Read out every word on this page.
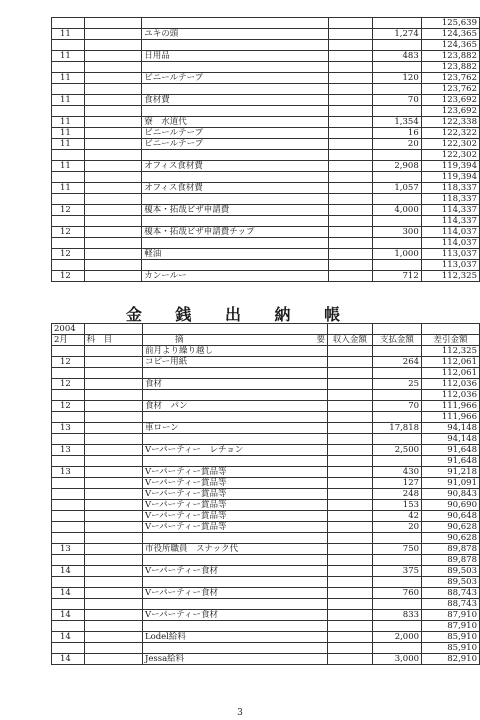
					125,639
11		ユキの頭		1,274	124,365
					124,365
11		日用品		483	123,882
					123,882
11		ビニールテープ		120	123,762
					123,762
11		食材費		70	123,692
					123,692
11		寮　水道代		1,354	122,338
11		ビニールテープ		16	122,322
11		ビニールテープ		20	122,302
					122,302
11		オフィス食材費		2,908	119,394
					119,394
11		オフィス食材費		1,057	118,337
					118,337
12		榎本・拓哉ビザ申請費		4,000	114,337
					114,337
12		榎本・拓哉ビザ申請費チップ		300	114,037
					114,037
12		軽油		1,000	113,037
					113,037
12		カンールー		712	112,325
金 銭 出 納 帳
2004					
2月	科　目	摘 要	収入金額	支払金額	差引金額
		前月より繰り越し			112,325
12		コピー用紙		264	112,061
					112,061
12		食材		25	112,036
					112,036
12		食材　パン		70	111,966
					111,966
13		車ローン		17,818	94,148
					94,148
13		Vーパーティー　レチョン		2,500	91,648
					91,648
13		Vーパーティー賞品等		430	91,218
		Vーパーティー賞品等		127	91,091
		Vーパーティー賞品等		248	90,843
		Vーパーティー賞品等		153	90,690
		Vーパーティー賞品等		42	90,648
		Vーパーティー賞品等		20	90,628
					90,628
13		市役所職員　スナック代		750	89,878
					89,878
14		Vーパーティー食材		375	89,503
					89,503
14		Vーパーティー食材		760	88,743
					88,743
14		Vーパーティー食材		833	87,910
					87,910
14		Lodel給料		2,000	85,910
					85,910
14		Jessa給料		3,000	82,910
3
